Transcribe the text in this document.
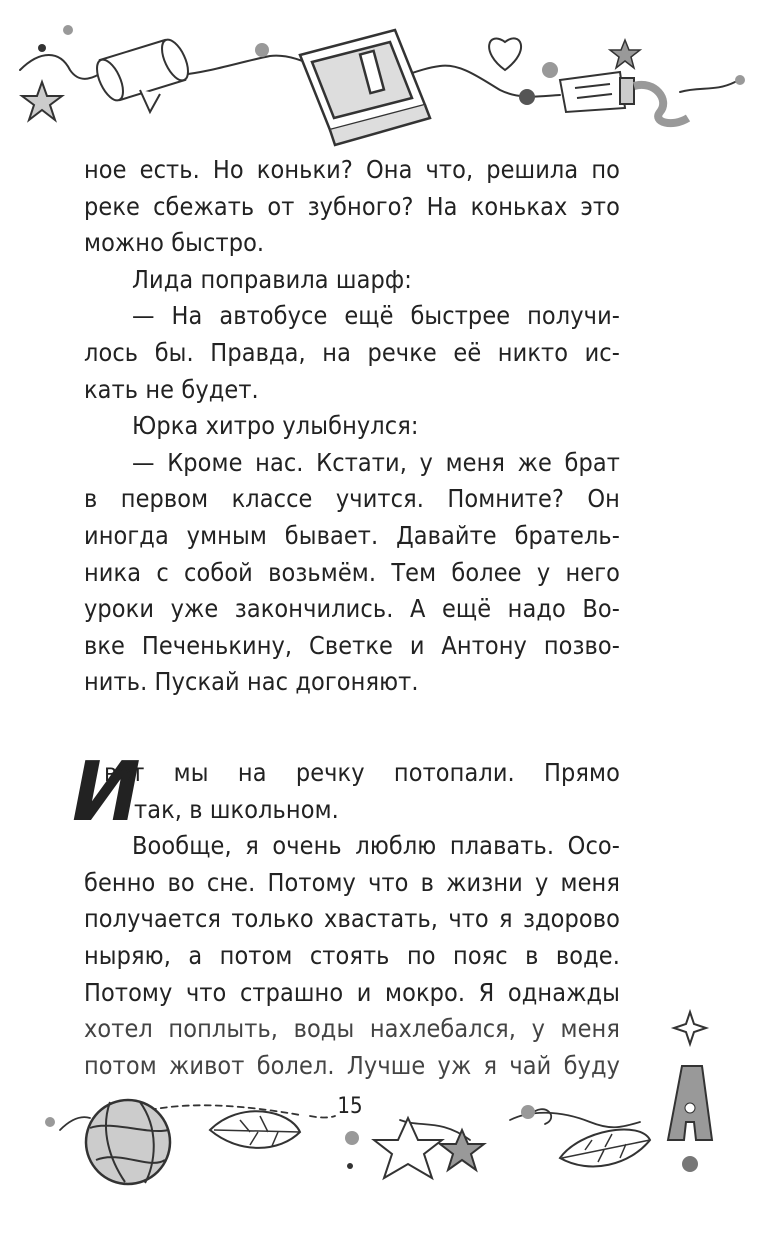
ное есть. Но коньки? Она что, решила по
реке сбежать от зубного? На коньках это
можно быстро.
Лида поправила шарф:
— На автобусе ещё быстрее получи-
лось бы. Правда, на речке её никто ис-
кать не будет.
Юрка хитро улыбнулся:
— Кроме нас. Кстати, у меня же брат
в первом классе учится. Помните? Он
иногда умным бывает. Давайте братель-
ника с собой возьмём. Тем более у него
уроки уже закончились. А ещё надо Во-
вке Печенькину, Светке и Антону позво-
нить. Пускай нас догоняют.
И
вот мы на речку потопали. Прямо
так, в школьном.
Вообще, я очень люблю плавать. Осо-
бенно во сне. Потому что в жизни у меня
получается только хвастать, что я здорово
ныряю, а потом стоять по пояс в воде.
Потому что страшно и мокро. Я однажды
хотел поплыть, воды нахлебался, у меня
потом живот болел. Лучше уж я чай буду
15
